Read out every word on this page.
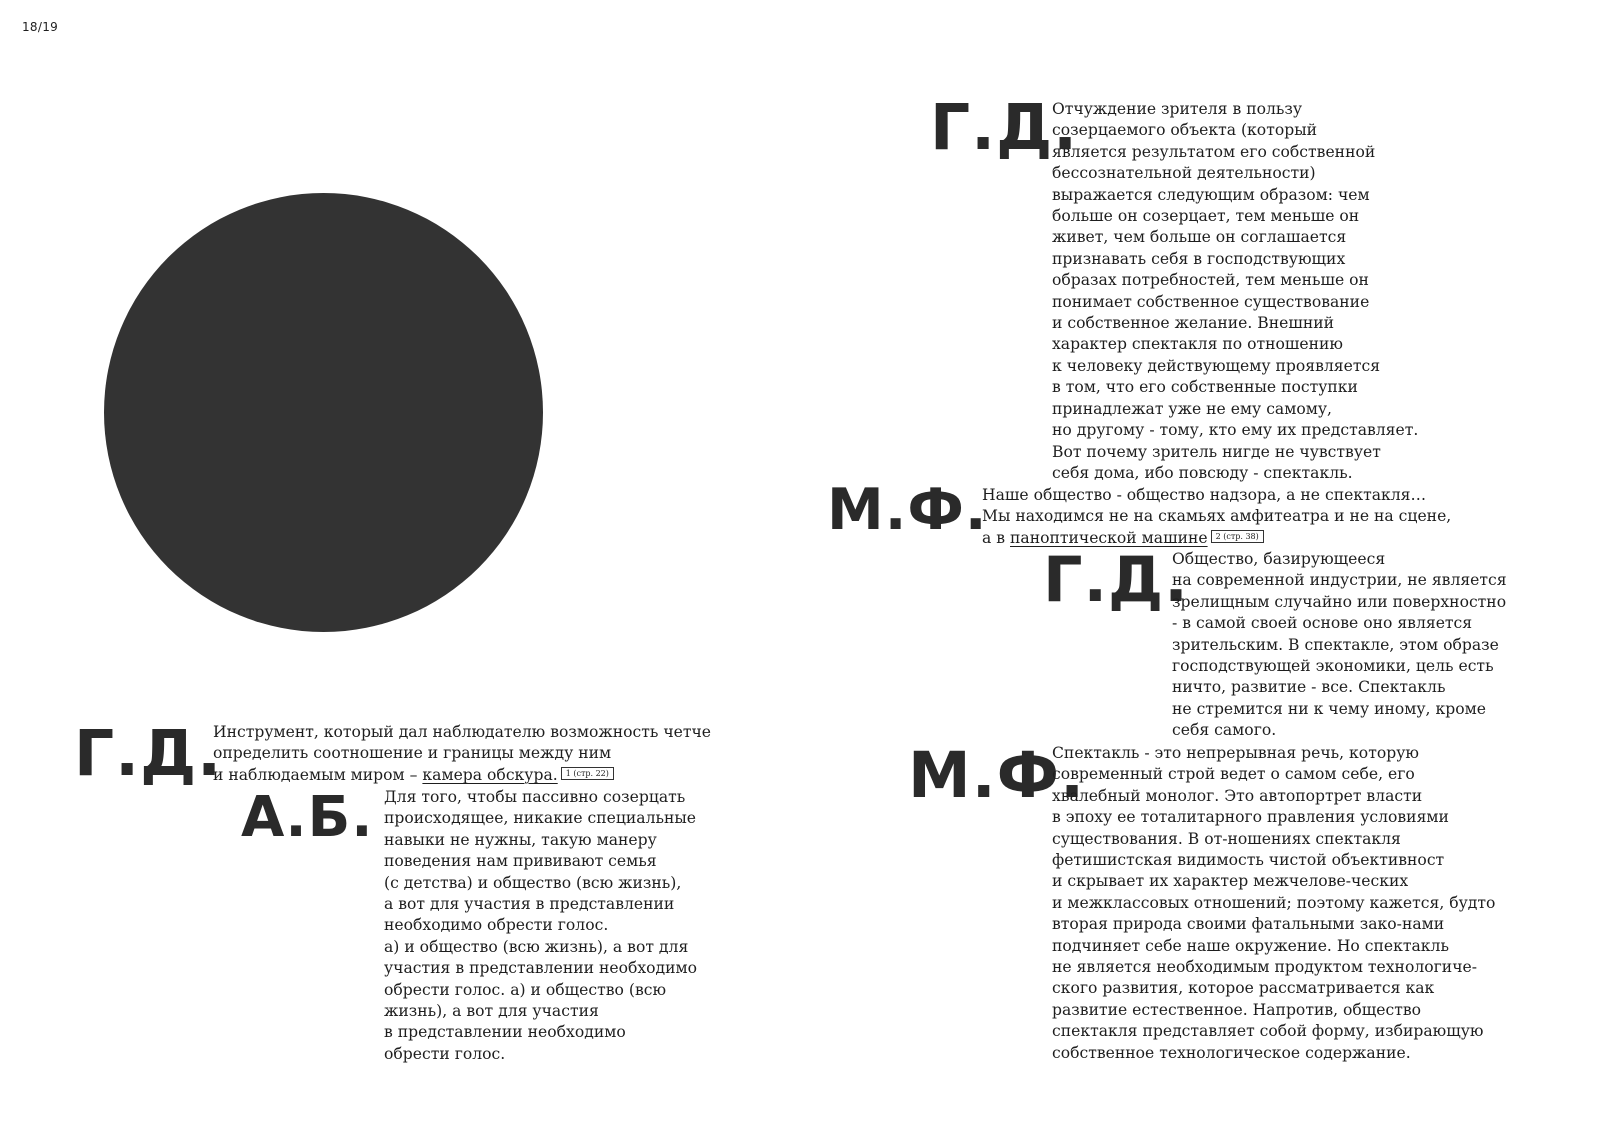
18/19
Г.Д.
Отчуждение зрителя в пользу
созерцаемого объекта (который
является результатом его собственной
бессознательной деятельности)
выражается следующим образом: чем
больше он созерцает, тем меньше он
живет, чем больше он соглашается
признавать себя в господствующих
образах потребностей, тем меньше он
понимает собственное существование
и собственное желание. Внешний
характер спектакля по отношению
к человеку действующему проявляется
в том, что его собственные поступки
принадлежат уже не ему самому,
но другому - тому, кто ему их представляет.
Вот почему зритель нигде не чувствует
себя дома, ибо повсюду - спектакль.
М.Ф.
Наше общество - общество надзора, а не спектакля…
Мы находимся не на скамьях амфитеатра и не на сцене,
а в паноптической машине 2 (стр. 38)
Г.Д.
Общество, базирующееся
на современной индустрии, не является
зрелищным случайно или поверхностно
- в самой своей основе оно является
зрительским. В спектакле, этом образе
господствующей экономики, цель есть
ничто, развитие - все. Спектакль
не стремится ни к чему иному, кроме
себя самого.
М.Ф.
Спектакль - это непрерывная речь, которую
современный строй ведет о самом себе, его
хвалебный монолог. Это автопортрет власти
в эпоху ее тоталитарного правления условиями
существования. В от-ношениях спектакля
фетишистская видимость чистой объективност
и скрывает их характер межчелове-ческих
и межклассовых отношений; поэтому кажется, будто
вторая природа своими фатальными зако-нами
подчиняет себе наше окружение. Но спектакль
не является необходимым продуктом технологиче-
ского развития, которое рассматривается как
развитие естественное. Напротив, общество
спектакля представляет собой форму, избирающую
собственное технологическое содержание.
Г.Д.
Инструмент, который дал наблюдателю возможность четче
определить соотношение и границы между ним
и наблюдаемым миром – камера обскура. 1 (стр. 22)
А.Б. Для того, чтобы пассивно созерцать
происходящее, никакие специальные
навыки не нужны, такую манеру
поведения нам прививают семья
(с детства) и общество (всю жизнь),
а вот для участия в представлении
необходимо обрести голос.
а) и общество (всю жизнь), а вот для
участия в представлении необходимо
обрести голос. а) и общество (всю
жизнь), а вот для участия
в представлении необходимо
обрести голос.
